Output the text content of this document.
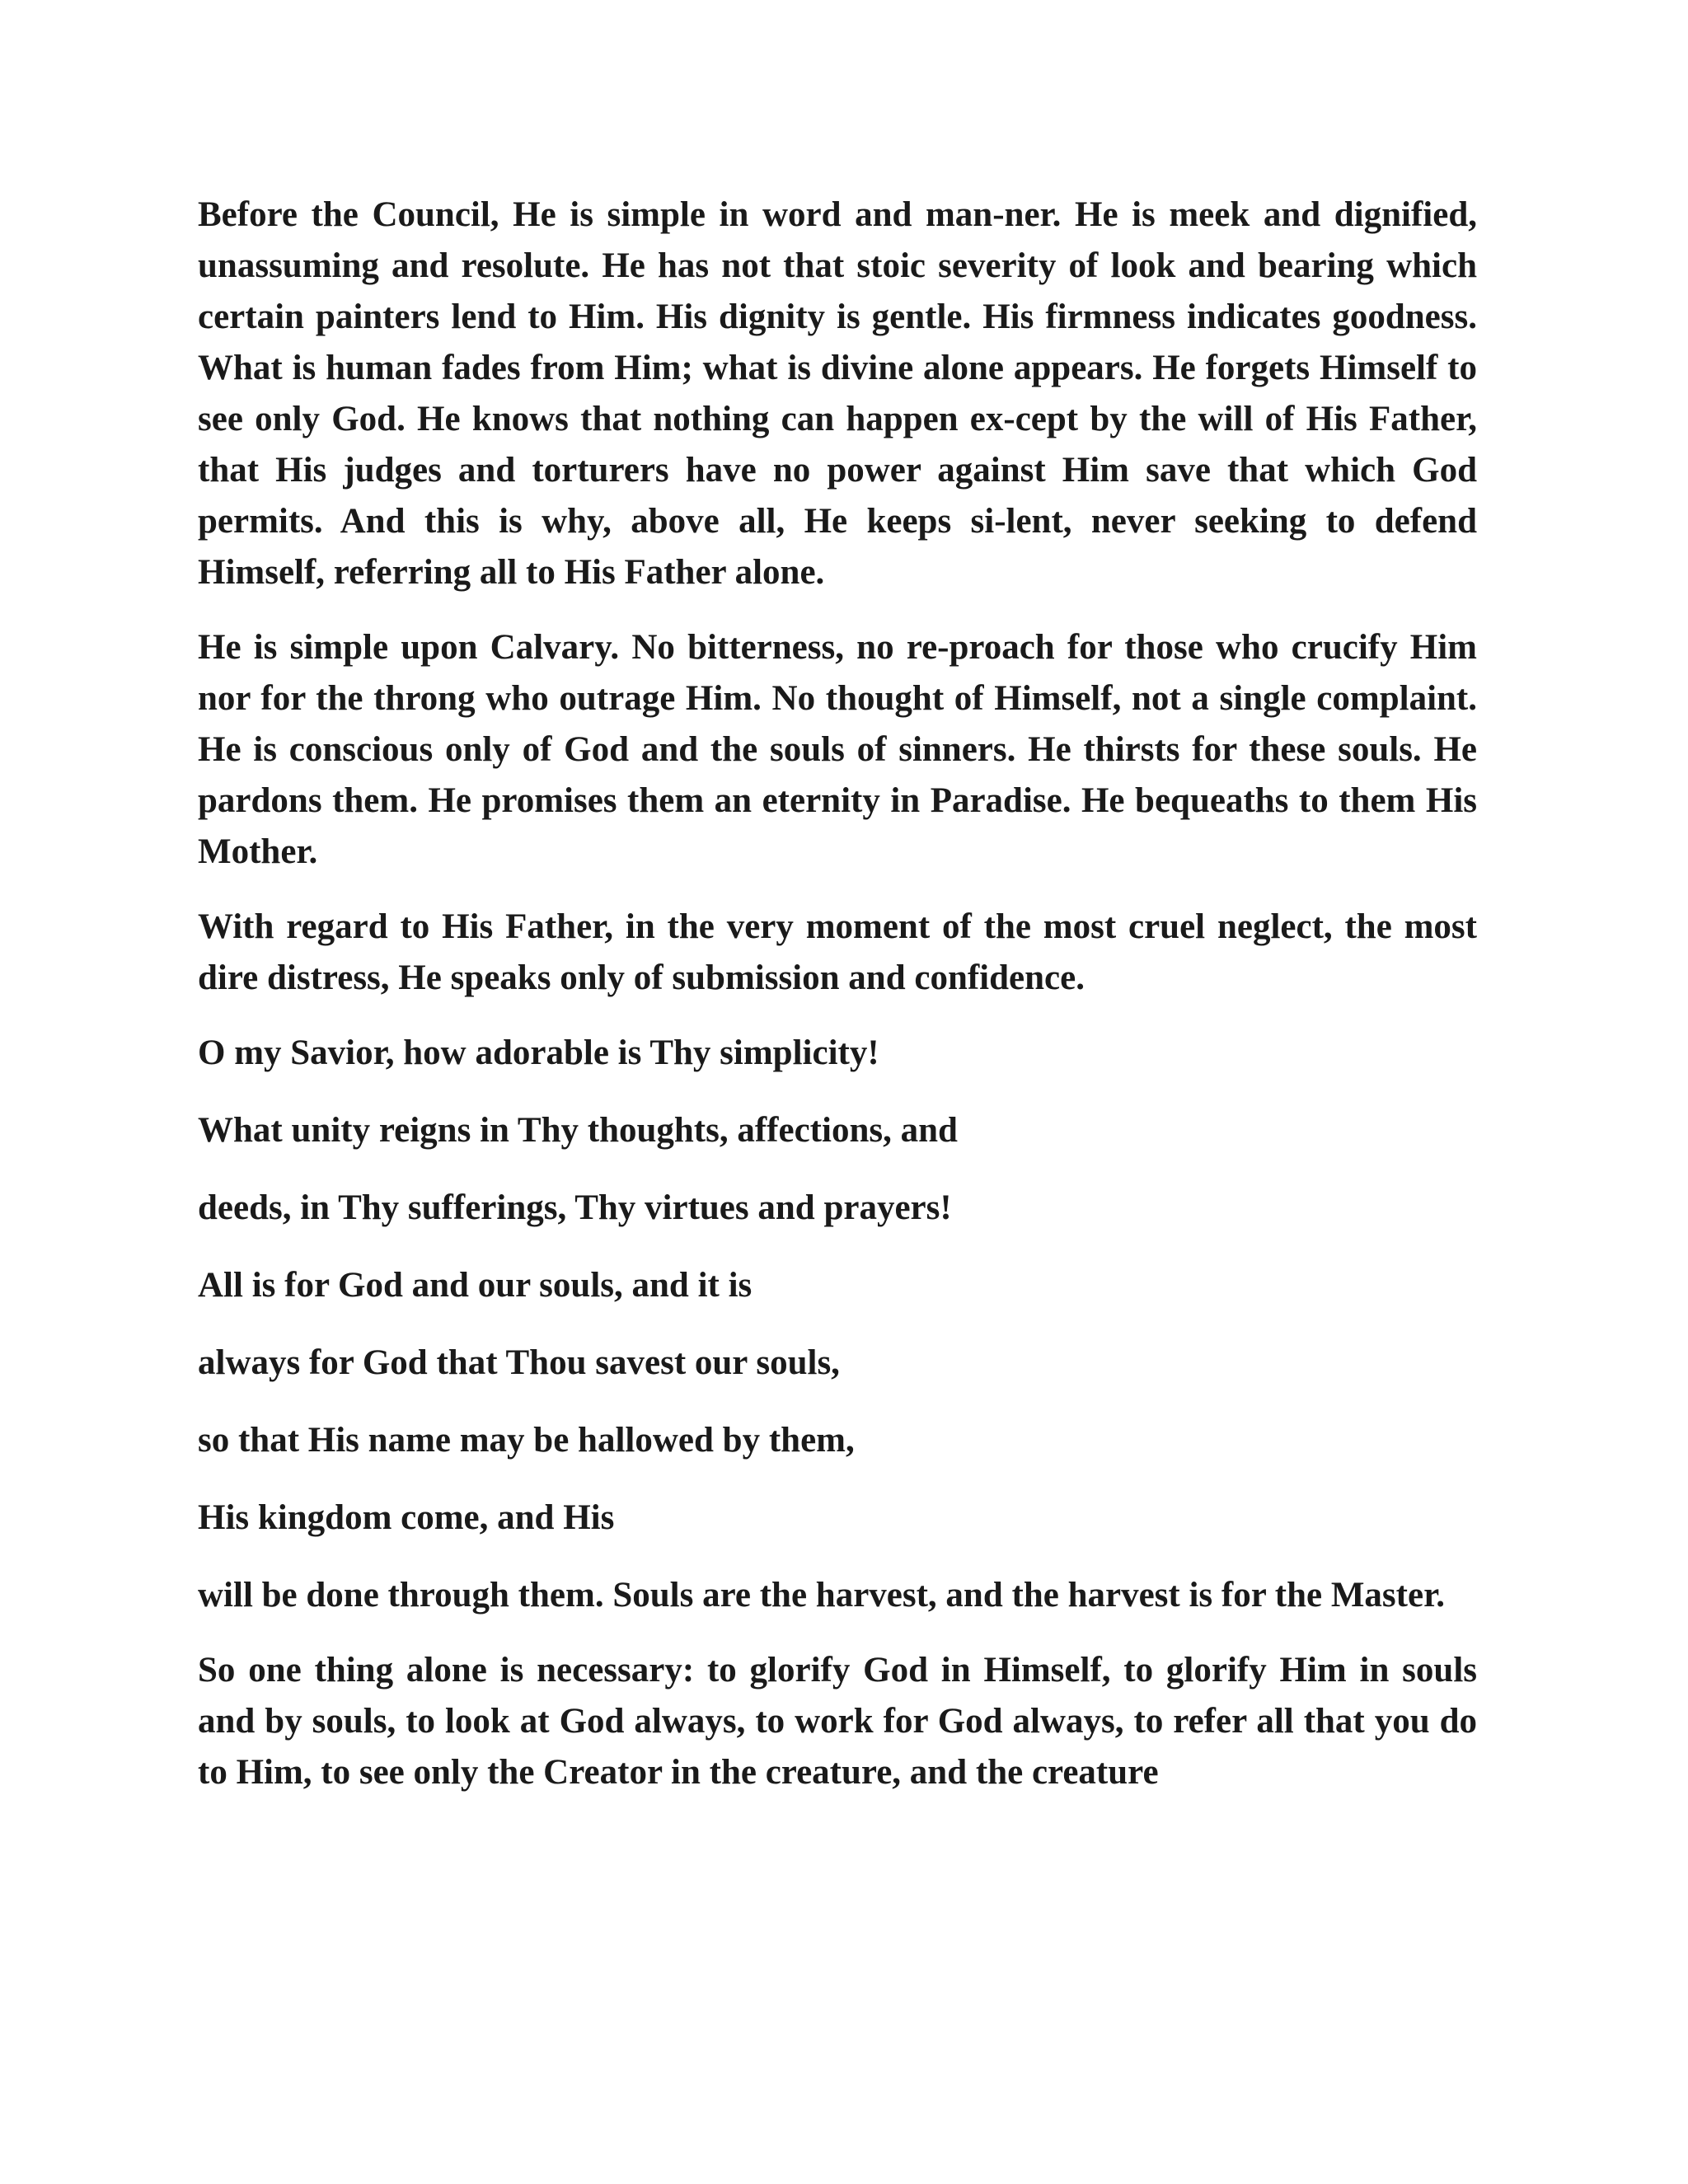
Before the Council, He is simple in word and man-ner. He is meek and dignified, unassuming and resolute. He has not that stoic severity of look and bearing which certain painters lend to Him. His dignity is gentle. His firmness indicates goodness. What is human fades from Him; what is divine alone appears. He forgets Himself to see only God. He knows that nothing can happen ex-cept by the will of His Father, that His judges and torturers have no power against Him save that which God permits. And this is why, above all, He keeps si-lent, never seeking to defend Himself, referring all to His Father alone.

He is simple upon Calvary. No bitterness, no re-proach for those who crucify Him nor for the throng who outrage Him. No thought of Himself, not a single complaint. He is conscious only of God and the souls of sinners. He thirsts for these souls. He pardons them. He promises them an eternity in Paradise. He bequeaths to them His Mother.

With regard to His Father, in the very moment of the most cruel neglect, the most dire distress, He speaks only of submission and confidence.

O my Savior, how adorable is Thy simplicity!

What unity reigns in Thy thoughts, affections, and

deeds, in Thy sufferings, Thy virtues and prayers!

All is for God and our souls, and it is

always for God that Thou savest our souls,

so that His name may be hallowed by them,

His kingdom come, and His

will be done through them. Souls are the harvest, and the harvest is for the Master.

So one thing alone is necessary: to glorify God in Himself, to glorify Him in souls and by souls, to look at God always, to work for God always, to refer all that you do to Him, to see only the Creator in the creature, and the creature
